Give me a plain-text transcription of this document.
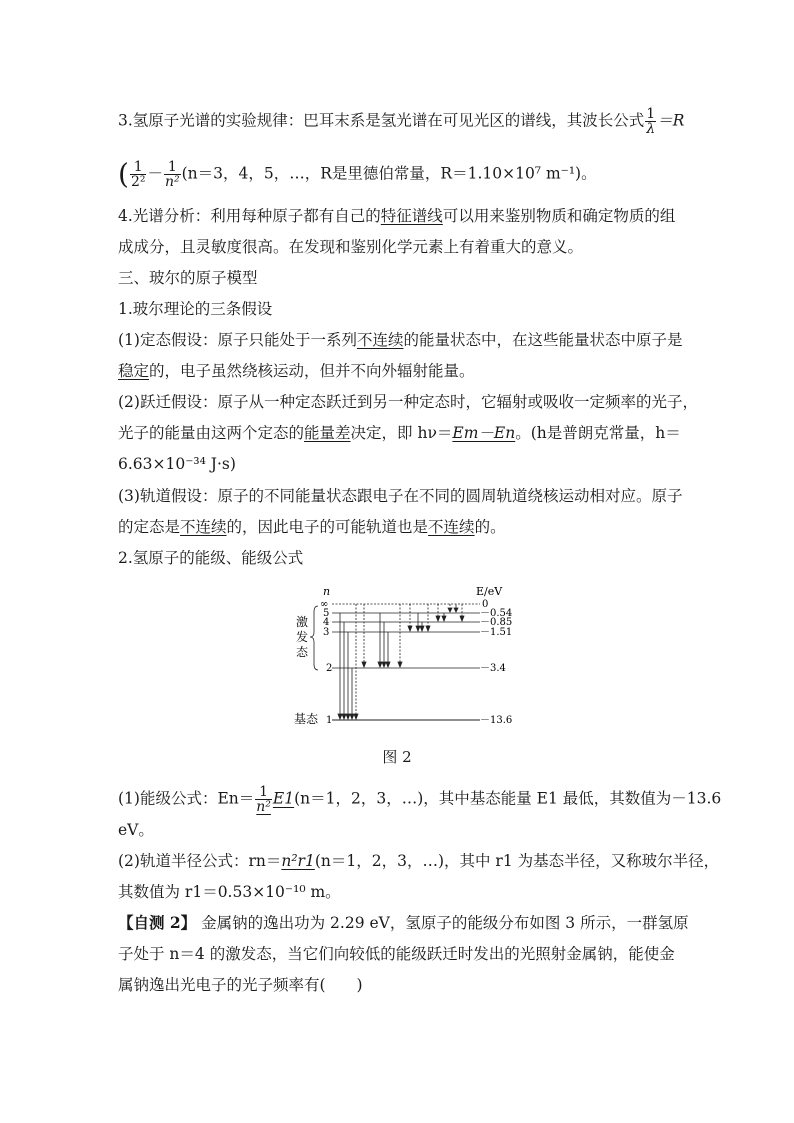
3.氢原子光谱的实验规律：巴耳末系是氢光谱在可见光区的谱线，其波长公式 $\frac{1}{\lambda} =R$
( $\frac{1}{\text{2²}} - \frac{1}{\text{n²}} (n=3$，4，5，…，R是里德伯常量，R＝1.10×10⁷ m⁻¹)。
4.光谱分析：利用每种原子都有自己的特征谱线可以用来鉴别物质和确定物质的组
成成分，且灵敏度很高。在发现和鉴别化学元素上有着重大的意义。
三、玻尔的原子模型
1.玻尔理论的三条假设
(1)定态假设：原子只能处于一系列不连续的能量状态中，在这些能量状态中原子是
稳定的，电子虽然绕核运动，但并不向外辐射能量。
(2)跃迁假设：原子从一种定态跃迁到另一种定态时，它辐射或吸收一定频率的光子，
光子的能量由这两个定态的能量差决定，即 hν＝Em－En。(h是普朗克常量，h＝
6.63×10⁻³⁴ J·s)
(3)轨道假设：原子的不同能量状态跟电子在不同的圆周轨道绕核运动相对应。原子
的定态是不连续的，因此电子的可能轨道也是不连续的。
2.氢原子的能级、能级公式
n	E/eV
∞
5
4
3
2
1
0
－0.54
－0.85
－1.51
－3.4
－13.6
激
发
态
基态
图 2
(1)能级公式：$En= \frac{1}{\text{n²}} E1(n=1$，2，3，…)，其中基态能量 E1 最低，其数值为－13.6
eV。
(2)轨道半径公式：rn＝n²r1(n＝1，2，3，…)，其中 r1 为基态半径，又称玻尔半径，
其数值为 r1＝0.53×10⁻¹⁰ m。
【自测 2】 金属钠的逸出功为 2.29 eV，氢原子的能级分布如图 3 所示，一群氢原
子处于 n＝4 的激发态，当它们向较低的能级跃迁时发出的光照射金属钠，能使金
属钠逸出光电子的光子频率有(　　)
